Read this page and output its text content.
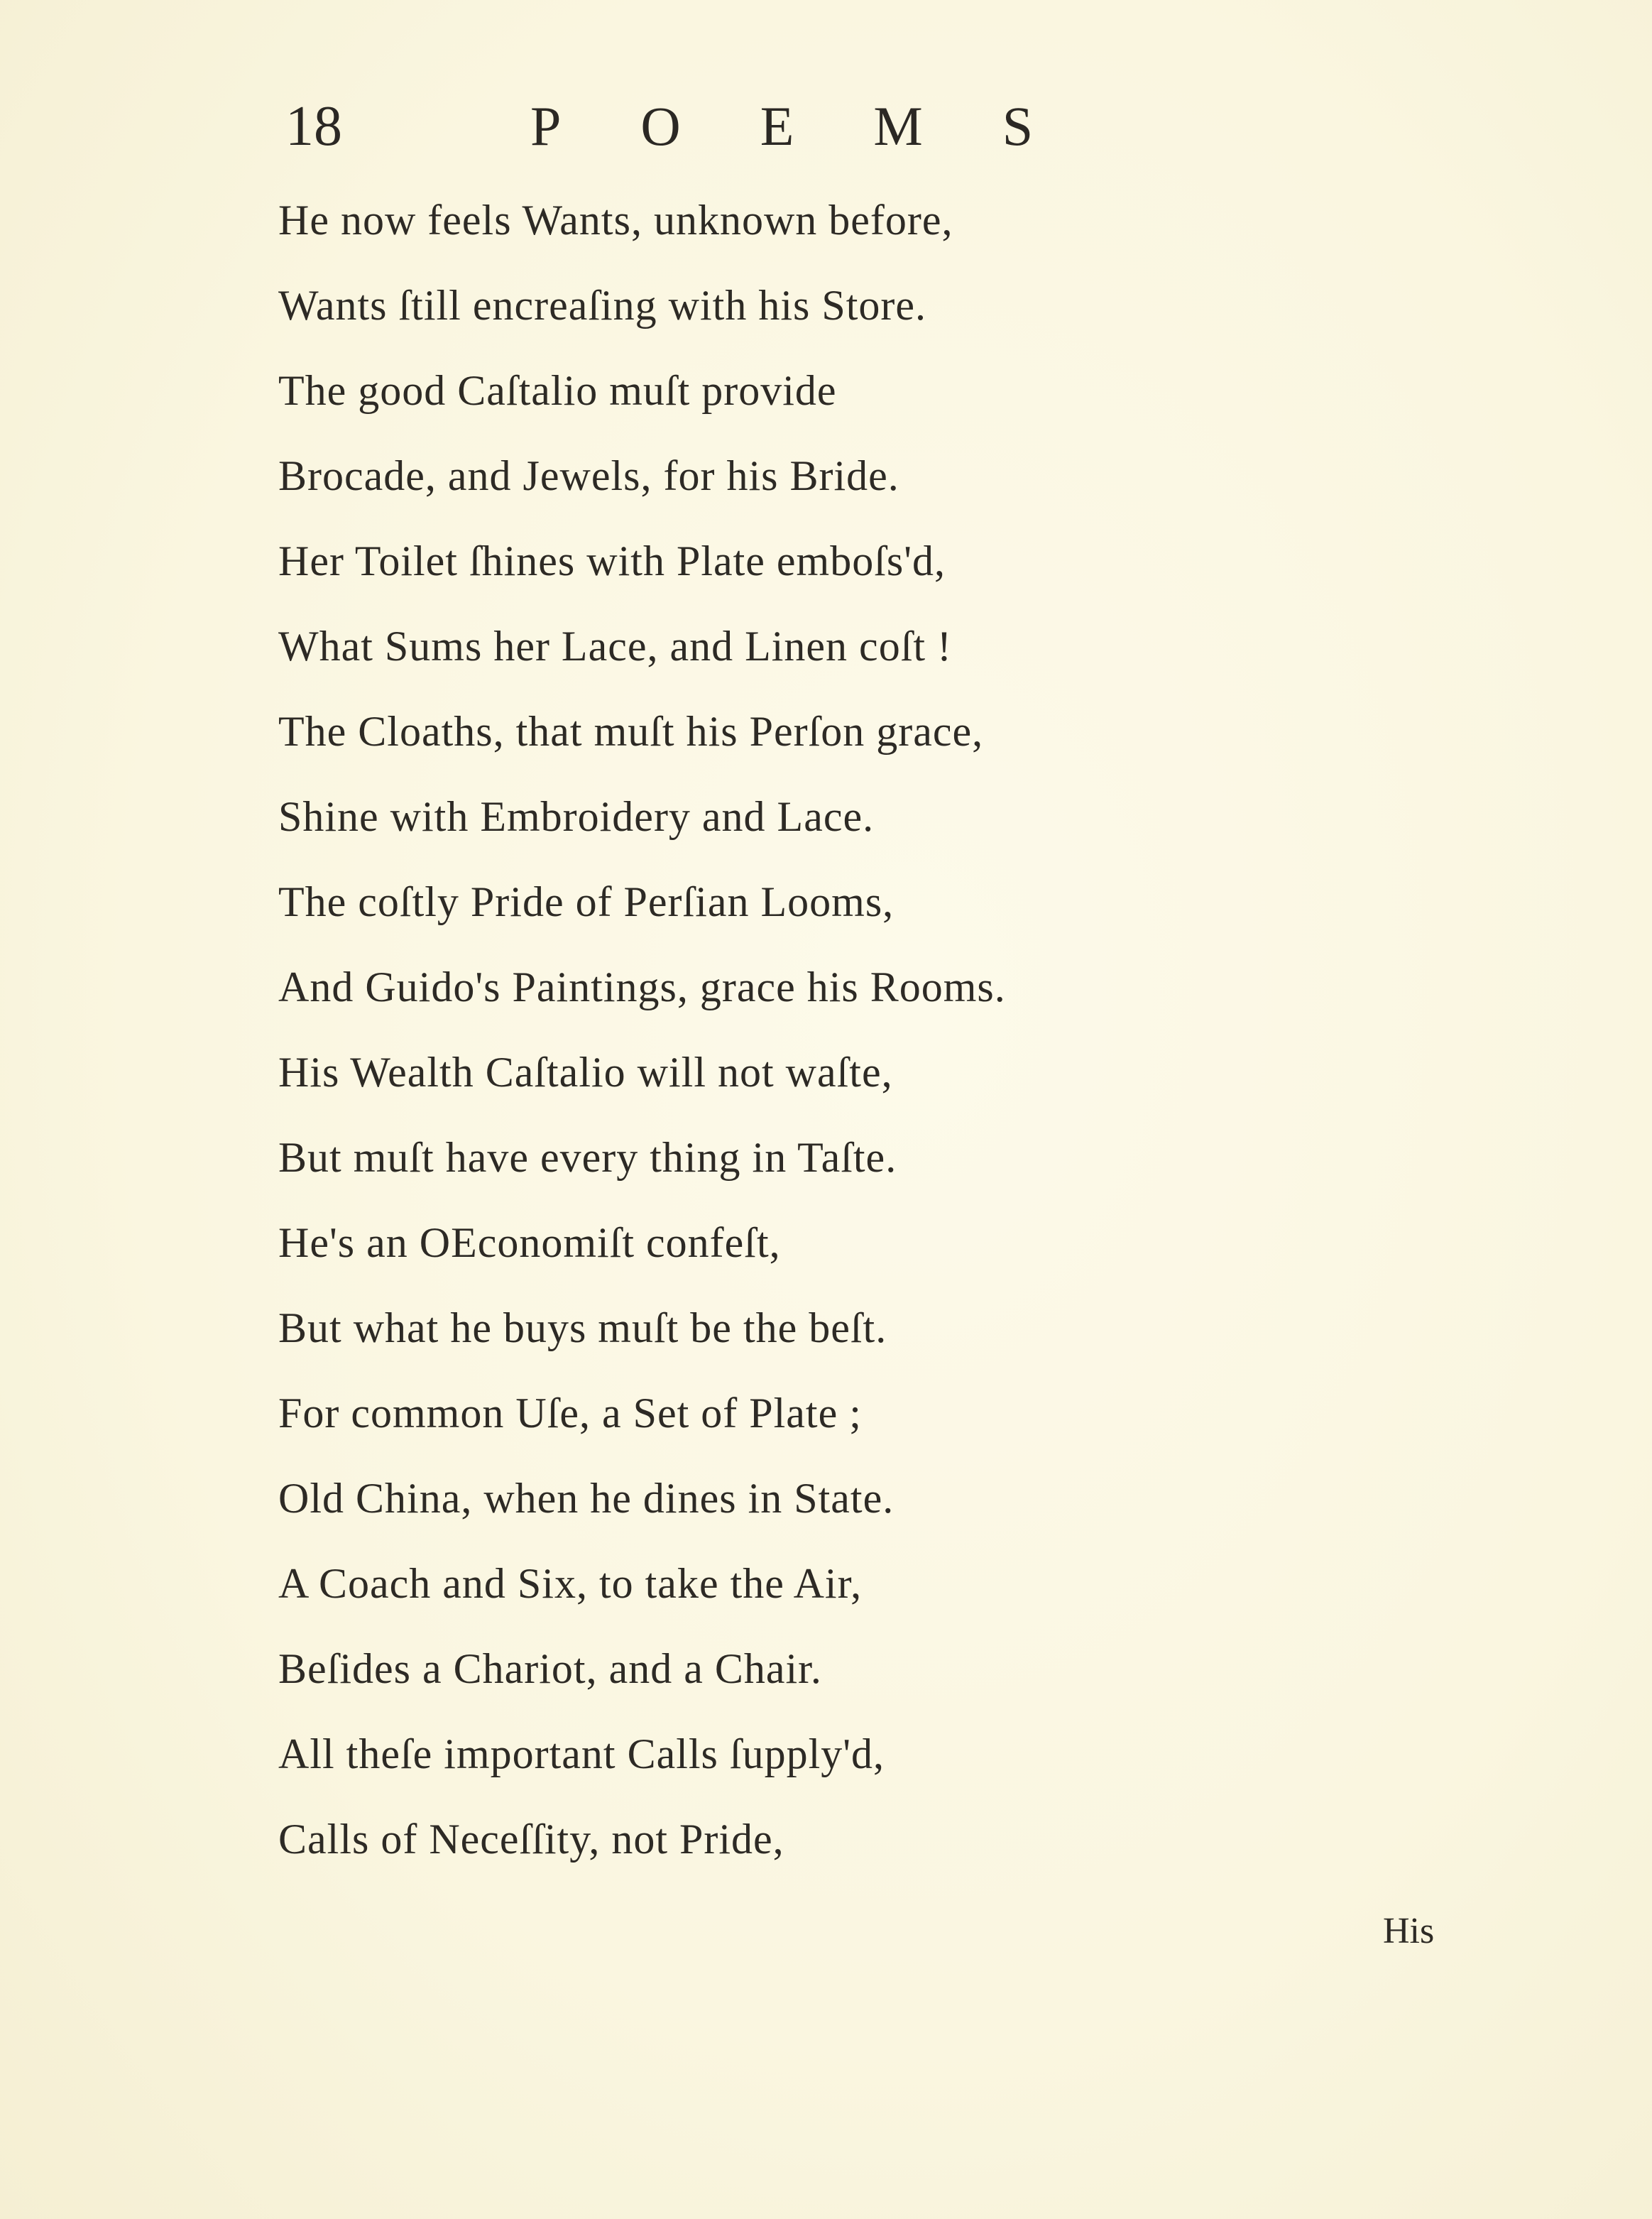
18	POEMS
He now feels Wants, unknown before,
Wants ſtill encreaſing with his Store.
The good Caſtalio muſt provide
Brocade, and Jewels, for his Bride.
Her Toilet ſhines with Plate emboſs'd,
What Sums her Lace, and Linen coſt !
The Cloaths, that muſt his Perſon grace,
Shine with Embroidery and Lace.
The coſtly Pride of Perſian Looms,
And Guido's Paintings, grace his Rooms.
His Wealth Caſtalio will not waſte,
But muſt have every thing in Taſte.
He's an OEconomiſt confeſt,
But what he buys muſt be the beſt.
For common Uſe, a Set of Plate ;
Old China, when he dines in State.
A Coach and Six, to take the Air,
Beſides a Chariot, and a Chair.
All theſe important Calls ſupply'd,
Calls of Neceſſity, not Pride,
His
